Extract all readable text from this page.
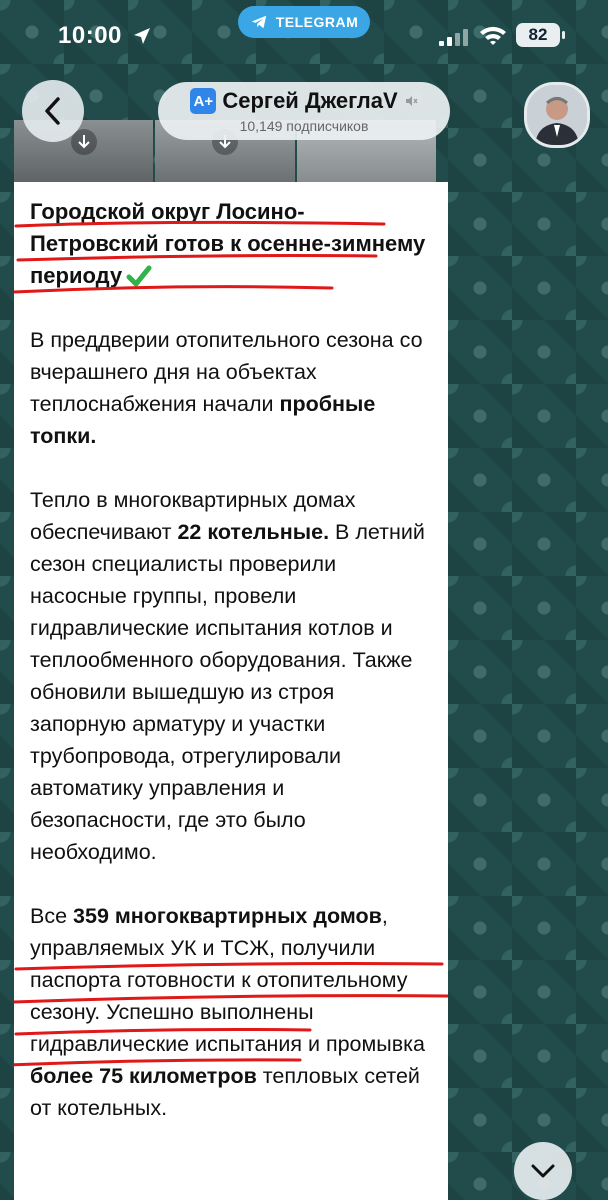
10:00	TELEGRAM
82
A+ Сергей ДжеглаV
10,149 подписчиков
Городской округ Лосино-Петровский готов к осенне-зимнему периоду
В преддверии отопительного сезона со вчерашнего дня на объектах теплоснабжения начали пробные топки.
Тепло в многоквартирных домах обеспечивают 22 котельные. В летний сезон специалисты проверили насосные группы, провели гидравлические испытания котлов и теплообменного оборудования. Также обновили вышедшую из строя запорную арматуру и участки трубопровода, отрегулировали автоматику управления и безопасности, где это было необходимо.
Все 359 многоквартирных домов, управляемых УК и ТСЖ, получили паспорта готовности к отопительному сезону. Успешно выполнены гидравлические испытания и промывка более 75 километров тепловых сетей от котельных.
